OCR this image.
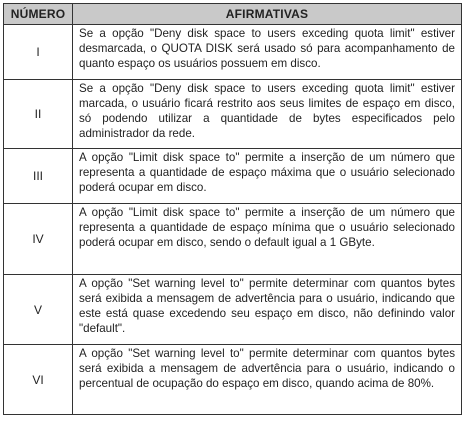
NÚMERO	AFIRMATIVAS
I	Se a opção "Deny disk space to users exceding quota limit" estiver desmarcada, o QUOTA DISK será usado só para acompanhamento de quanto espaço os usuários possuem em disco.
II	Se a opção "Deny disk space to users exceding quota limit" estiver marcada, o usuário ficará restrito aos seus limites de espaço em disco, só podendo utilizar a quantidade de bytes especificados pelo administrador da rede.
III	A opção "Limit disk space to" permite a inserção de um número que representa a quantidade de espaço máxima que o usuário selecionado poderá ocupar em disco.
IV	A opção "Limit disk space to" permite a inserção de um número que representa a quantidade de espaço mínima que o usuário selecionado poderá ocupar em disco, sendo o default igual a 1 GByte.
V	A opção "Set warning level to" permite determinar com quantos bytes será exibida a mensagem de advertência para o usuário, indicando que este está quase excedendo seu espaço em disco, não definindo valor "default".
VI	A opção "Set warning level to" permite determinar com quantos bytes será exibida a mensagem de advertência para o usuário, indicando o percentual de ocupação do espaço em disco, quando acima de 80%.
